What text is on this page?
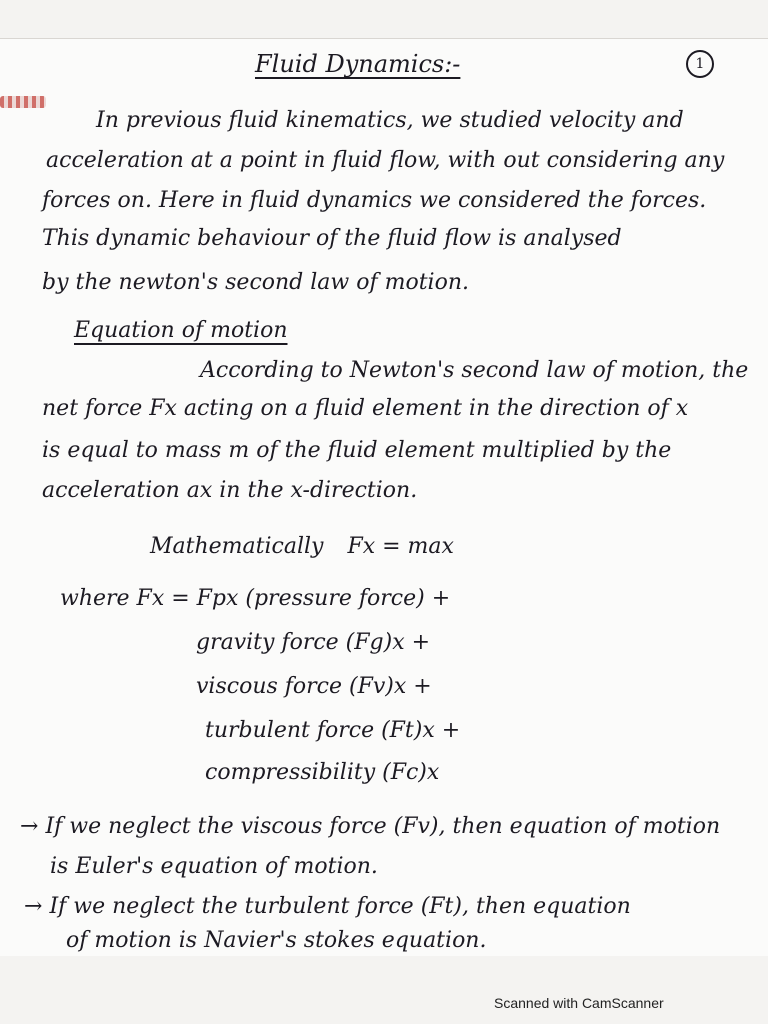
Fluid Dynamics:-	1
In previous fluid kinematics, we studied velocity and
acceleration at a point in fluid flow, with out considering any
forces on. Here in fluid dynamics we considered the forces.
This dynamic behaviour of the fluid flow is analysed
by the newton's second law of motion.
Equation of motion
According to Newton's second law of motion, the
net force Fx acting on a fluid element in the direction of x
is equal to mass m of the fluid element multiplied by the
acceleration ax in the x-direction.
Mathematically Fx = max
where Fx = Fpx (pressure force) +
gravity force (Fg)x +
viscous force (Fv)x +
turbulent force (Ft)x +
compressibility (Fc)x
→ If we neglect the viscous force (Fv), then equation of motion
is Euler's equation of motion.
→ If we neglect the turbulent force (Ft), then equation
of motion is Navier's stokes equation.
Scanned with CamScanner
